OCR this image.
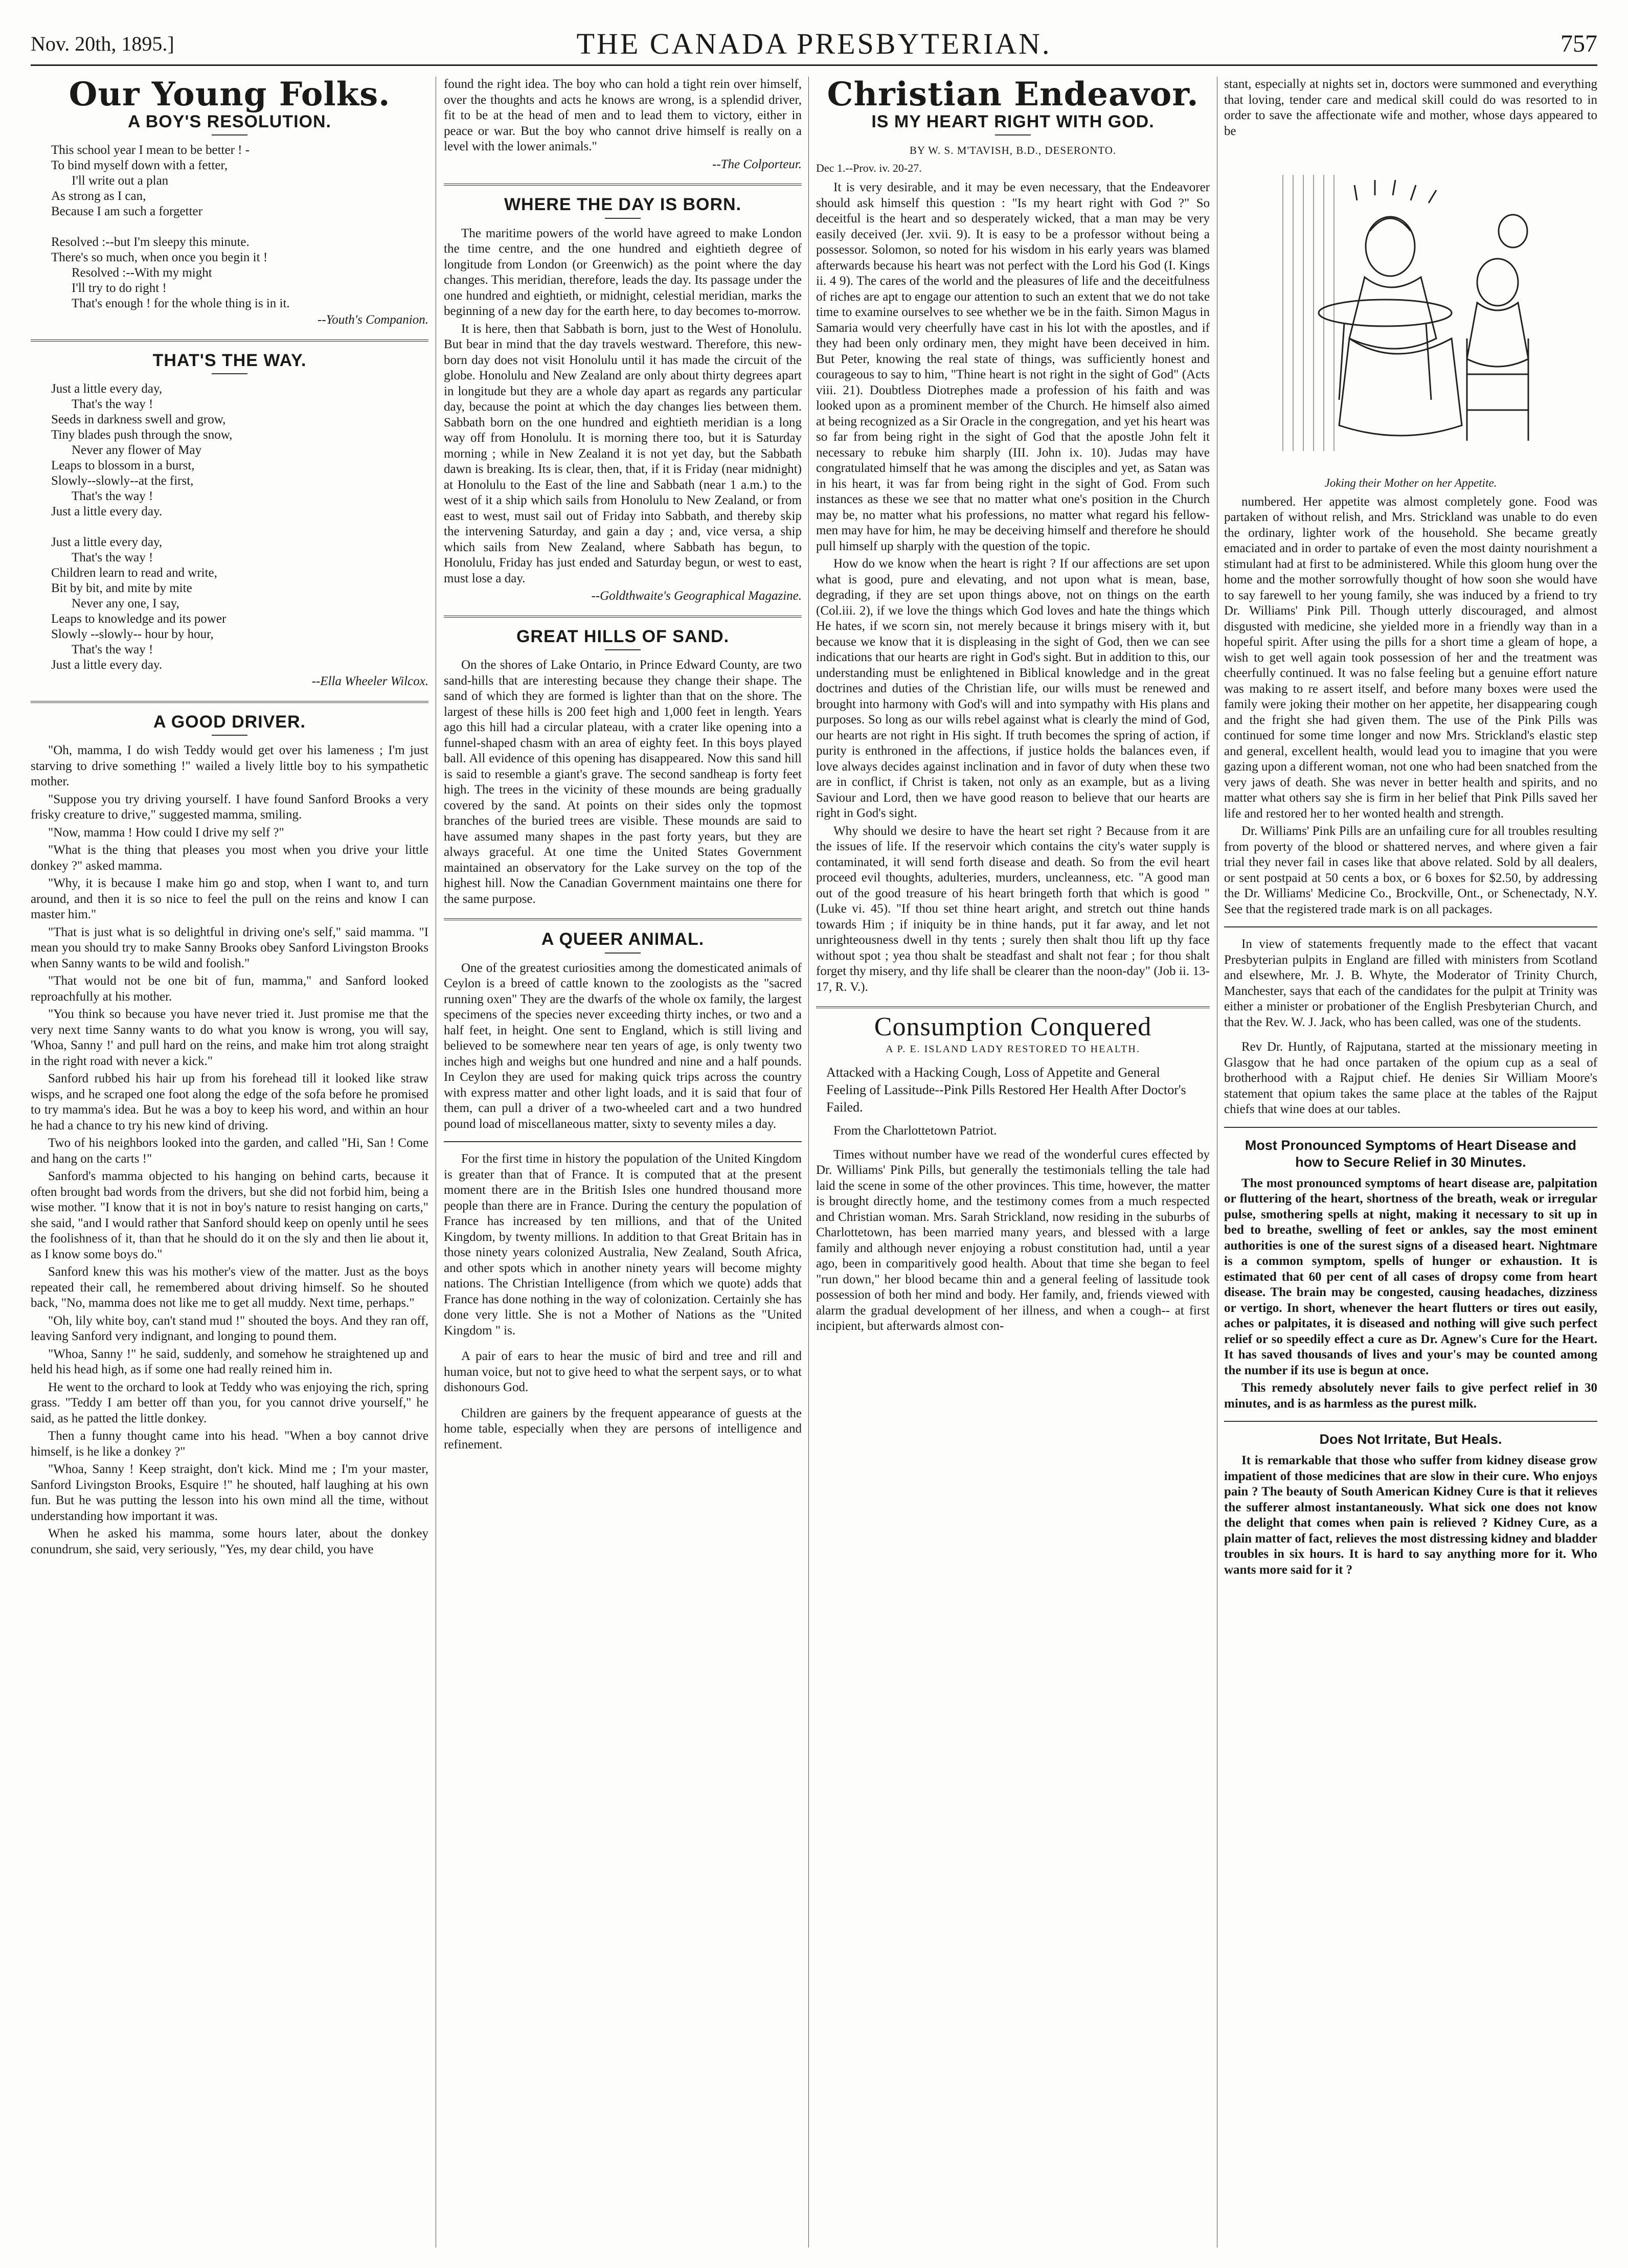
Nov. 20th, 1895.]	THE CANADA PRESBYTERIAN.	757
Our Young Folks.
A BOY'S RESOLUTION.
This school year I mean to be better ! -
To bind myself down with a fetter,
I'll write out a plan
As strong as I can,
Because I am such a forgetter

Resolved :--but I'm sleepy this minute.
There's so much, when once you begin it !
Resolved :--With my might
I'll try to do right !
That's enough ! for the whole thing is in it.
--Youth's Companion.
THAT'S THE WAY.
Just a little every day,
That's the way !
Seeds in darkness swell and grow,
Tiny blades push through the snow,
Never any flower of May
Leaps to blossom in a burst,
Slowly--slowly--at the first,
That's the way !
Just a little every day.

Just a little every day,
That's the way !
Children learn to read and write,
Bit by bit, and mite by mite
Never any one, I say,
Leaps to knowledge and its power
Slowly --slowly-- hour by hour,
That's the way !
Just a little every day.
--Ella Wheeler Wilcox.
A GOOD DRIVER.

"Oh, mamma, I do wish Teddy would get over his lameness ; I'm just starving to drive something !" wailed a lively little boy to his sympathetic mother.

"Suppose you try driving yourself. I have found Sanford Brooks a very frisky creature to drive," suggested mamma, smiling.

"Now, mamma ! How could I drive my self ?"

"What is the thing that pleases you most when you drive your little donkey ?" asked mamma.

"Why, it is because I make him go and stop, when I want to, and turn around, and then it is so nice to feel the pull on the reins and know I can master him."

"That is just what is so delightful in driving one's self," said mamma. "I mean you should try to make Sanny Brooks obey Sanford Livingston Brooks when Sanny wants to be wild and foolish."

"That would not be one bit of fun, mamma," and Sanford looked reproachfully at his mother.

"You think so because you have never tried it. Just promise me that the very next time Sanny wants to do what you know is wrong, you will say, 'Whoa, Sanny !' and pull hard on the reins, and make him trot along straight in the right road with never a kick."

Sanford rubbed his hair up from his forehead till it looked like straw wisps, and he scraped one foot along the edge of the sofa before he promised to try mamma's idea. But he was a boy to keep his word, and within an hour he had a chance to try his new kind of driving.

Two of his neighbors looked into the garden, and called "Hi, San ! Come and hang on the carts !"

Sanford's mamma objected to his hanging on behind carts, because it often brought bad words from the drivers, but she did not forbid him, being a wise mother. "I know that it is not in boy's nature to resist hanging on carts," she said, "and I would rather that Sanford should keep on openly until he sees the foolishness of it, than that he should do it on the sly and then lie about it, as I know some boys do."

Sanford knew this was his mother's view of the matter. Just as the boys repeated their call, he remembered about driving himself. So he shouted back, "No, mamma does not like me to get all muddy. Next time, perhaps."

"Oh, lily white boy, can't stand mud !" shouted the boys. And they ran off, leaving Sanford very indignant, and longing to pound them.

"Whoa, Sanny !" he said, suddenly, and somehow he straightened up and held his head high, as if some one had really reined him in.

He went to the orchard to look at Teddy who was enjoying the rich, spring grass. "Teddy I am better off than you, for you cannot drive yourself," he said, as he patted the little donkey.

Then a funny thought came into his head. "When a boy cannot drive himself, is he like a donkey ?"

"Whoa, Sanny ! Keep straight, don't kick. Mind me ; I'm your master, Sanford Livingston Brooks, Esquire !" he shouted, half laughing at his own fun. But he was putting the lesson into his own mind all the time, without understanding how important it was.

When he asked his mamma, some hours later, about the donkey conundrum, she said, very seriously, "Yes, my dear child, you have

found the right idea. The boy who can hold a tight rein over himself, over the thoughts and acts he knows are wrong, is a splendid driver, fit to be at the head of men and to lead them to victory, either in peace or war. But the boy who cannot drive himself is really on a level with the lower animals."

--The Colporteur.
WHERE THE DAY IS BORN.

The maritime powers of the world have agreed to make London the time centre, and the one hundred and eightieth degree of longitude from London (or Greenwich) as the point where the day changes. This meridian, therefore, leads the day. Its passage under the one hundred and eightieth, or midnight, celestial meridian, marks the beginning of a new day for the earth here, to day becomes to-morrow.

It is here, then that Sabbath is born, just to the West of Honolulu. But bear in mind that the day travels westward. Therefore, this new-born day does not visit Honolulu until it has made the circuit of the globe. Honolulu and New Zealand are only about thirty degrees apart in longitude but they are a whole day apart as regards any particular day, because the point at which the day changes lies between them. Sabbath born on the one hundred and eightieth meridian is a long way off from Honolulu. It is morning there too, but it is Saturday morning ; while in New Zealand it is not yet day, but the Sabbath dawn is breaking. Its is clear, then, that, if it is Friday (near midnight) at Honolulu to the East of the line and Sabbath (near 1 a.m.) to the west of it a ship which sails from Honolulu to New Zealand, or from east to west, must sail out of Friday into Sabbath, and thereby skip the intervening Saturday, and gain a day ; and, vice versa, a ship which sails from New Zealand, where Sabbath has begun, to Honolulu, Friday has just ended and Saturday begun, or west to east, must lose a day.

--Goldthwaite's Geographical Magazine.
GREAT HILLS OF SAND.

On the shores of Lake Ontario, in Prince Edward County, are two sand-hills that are interesting because they change their shape. The sand of which they are formed is lighter than that on the shore. The largest of these hills is 200 feet high and 1,000 feet in length. Years ago this hill had a circular plateau, with a crater like opening into a funnel-shaped chasm with an area of eighty feet. In this boys played ball. All evidence of this opening has disappeared. Now this sand hill is said to resemble a giant's grave. The second sandheap is forty feet high. The trees in the vicinity of these mounds are being gradually covered by the sand. At points on their sides only the topmost branches of the buried trees are visible. These mounds are said to have assumed many shapes in the past forty years, but they are always graceful. At one time the United States Government maintained an observatory for the Lake survey on the top of the highest hill. Now the Canadian Government maintains one there for the same purpose.

A QUEER ANIMAL.

One of the greatest curiosities among the domesticated animals of Ceylon is a breed of cattle known to the zoologists as the "sacred running oxen" They are the dwarfs of the whole ox family, the largest specimens of the species never exceeding thirty inches, or two and a half feet, in height. One sent to England, which is still living and believed to be somewhere near ten years of age, is only twenty two inches high and weighs but one hundred and nine and a half pounds. In Ceylon they are used for making quick trips across the country with express matter and other light loads, and it is said that four of them, can pull a driver of a two-wheeled cart and a two hundred pound load of miscellaneous matter, sixty to seventy miles a day.

For the first time in history the population of the United Kingdom is greater than that of France. It is computed that at the present moment there are in the British Isles one hundred thousand more people than there are in France. During the century the population of France has increased by ten millions, and that of the United Kingdom, by twenty millions. In addition to that Great Britain has in those ninety years colonized Australia, New Zealand, South Africa, and other spots which in another ninety years will become mighty nations. The Christian Intelligence (from which we quote) adds that France has done nothing in the way of colonization. Certainly she has done very little. She is not a Mother of Nations as the "United Kingdom " is.

A pair of ears to hear the music of bird and tree and rill and human voice, but not to give heed to what the serpent says, or to what dishonours God.

Children are gainers by the frequent appearance of guests at the home table, especially when they are persons of intelligence and refinement.

Christian Endeavor.
IS MY HEART RIGHT WITH GOD.
BY W. S. M'TAVISH, B.D., DESERONTO.
Dec 1.--Prov. iv. 20-27.

It is very desirable, and it may be even necessary, that the Endeavorer should ask himself this question : "Is my heart right with God ?" So deceitful is the heart and so desperately wicked, that a man may be very easily deceived (Jer. xvii. 9). It is easy to be a professor without being a possessor. Solomon, so noted for his wisdom in his early years was blamed afterwards because his heart was not perfect with the Lord his God (I. Kings ii. 4 9). The cares of the world and the pleasures of life and the deceitfulness of riches are apt to engage our attention to such an extent that we do not take time to examine ourselves to see whether we be in the faith. Simon Magus in Samaria would very cheerfully have cast in his lot with the apostles, and if they had been only ordinary men, they might have been deceived in him. But Peter, knowing the real state of things, was sufficiently honest and courageous to say to him, "Thine heart is not right in the sight of God" (Acts viii. 21). Doubtless Diotrephes made a profession of his faith and was looked upon as a prominent member of the Church. He himself also aimed at being recognized as a Sir Oracle in the congregation, and yet his heart was so far from being right in the sight of God that the apostle John felt it necessary to rebuke him sharply (III. John ix. 10). Judas may have congratulated himself that he was among the disciples and yet, as Satan was in his heart, it was far from being right in the sight of God. From such instances as these we see that no matter what one's position in the Church may be, no matter what his professions, no matter what regard his fellow-men may have for him, he may be deceiving himself and therefore he should pull himself up sharply with the question of the topic.

How do we know when the heart is right ? If our affections are set upon what is good, pure and elevating, and not upon what is mean, base, degrading, if they are set upon things above, not on things on the earth (Col.iii. 2), if we love the things which God loves and hate the things which He hates, if we scorn sin, not merely because it brings misery with it, but because we know that it is displeasing in the sight of God, then we can see indications that our hearts are right in God's sight. But in addition to this, our understanding must be enlightened in Biblical knowledge and in the great doctrines and duties of the Christian life, our wills must be renewed and brought into harmony with God's will and into sympathy with His plans and purposes. So long as our wills rebel against what is clearly the mind of God, our hearts are not right in His sight. If truth becomes the spring of action, if purity is enthroned in the affections, if justice holds the balances even, if love always decides against inclination and in favor of duty when these two are in conflict, if Christ is taken, not only as an example, but as a living Saviour and Lord, then we have good reason to believe that our hearts are right in God's sight.

Why should we desire to have the heart set right ? Because from it are the issues of life. If the reservoir which contains the city's water supply is contaminated, it will send forth disease and death. So from the evil heart proceed evil thoughts, adulteries, murders, uncleanness, etc. "A good man out of the good treasure of his heart bringeth forth that which is good " (Luke vi. 45). "If thou set thine heart aright, and stretch out thine hands towards Him ; if iniquity be in thine hands, put it far away, and let not unrighteousness dwell in thy tents ; surely then shalt thou lift up thy face without spot ; yea thou shalt be steadfast and shalt not fear ; for thou shalt forget thy misery, and thy life shall be clearer than the noon-day" (Job ii. 13-17, R. V.).

Consumption Conquered
A P. E. ISLAND LADY RESTORED TO HEALTH.

Attacked with a Hacking Cough, Loss of Appetite and General Feeling of Lassitude--Pink Pills Restored Her Health After Doctor's Failed.

From the Charlottetown Patriot.

Times without number have we read of the wonderful cures effected by Dr. Williams' Pink Pills, but generally the testimonials telling the tale had laid the scene in some of the other provinces. This time, however, the matter is brought directly home, and the testimony comes from a much respected and Christian woman. Mrs. Sarah Strickland, now residing in the suburbs of Charlottetown, has been married many years, and blessed with a large family and although never enjoying a robust constitution had, until a year ago, been in comparitively good health. About that time she began to feel "run down," her blood became thin and a general feeling of lassitude took possession of both her mind and body. Her family, and, friends viewed with alarm the gradual development of her illness, and when a cough-- at first incipient, but afterwards almost con-

stant, especially at nights set in, doctors were summoned and everything that loving, tender care and medical skill could do was resorted to in order to save the affectionate wife and mother, whose days appeared to be

Joking their Mother on her Appetite.

numbered. Her appetite was almost completely gone. Food was partaken of without relish, and Mrs. Strickland was unable to do even the ordinary, lighter work of the household. She became greatly emaciated and in order to partake of even the most dainty nourishment a stimulant had at first to be administered. While this gloom hung over the home and the mother sorrowfully thought of how soon she would have to say farewell to her young family, she was induced by a friend to try Dr. Williams' Pink Pill. Though utterly discouraged, and almost disgusted with medicine, she yielded more in a friendly way than in a hopeful spirit. After using the pills for a short time a gleam of hope, a wish to get well again took possession of her and the treatment was cheerfully continued. It was no false feeling but a genuine effort nature was making to re assert itself, and before many boxes were used the family were joking their mother on her appetite, her disappearing cough and the fright she had given them. The use of the Pink Pills was continued for some time longer and now Mrs. Strickland's elastic step and general, excellent health, would lead you to imagine that you were gazing upon a different woman, not one who had been snatched from the very jaws of death. She was never in better health and spirits, and no matter what others say she is firm in her belief that Pink Pills saved her life and restored her to her wonted health and strength.

Dr. Williams' Pink Pills are an unfailing cure for all troubles resulting from poverty of the blood or shattered nerves, and where given a fair trial they never fail in cases like that above related. Sold by all dealers, or sent postpaid at 50 cents a box, or 6 boxes for $2.50, by addressing the Dr. Williams' Medicine Co., Brockville, Ont., or Schenectady, N.Y. See that the registered trade mark is on all packages.

In view of statements frequently made to the effect that vacant Presbyterian pulpits in England are filled with ministers from Scotland and elsewhere, Mr. J. B. Whyte, the Moderator of Trinity Church, Manchester, says that each of the candidates for the pulpit at Trinity was either a minister or probationer of the English Presbyterian Church, and that the Rev. W. J. Jack, who has been called, was one of the students.

Rev Dr. Huntly, of Rajputana, started at the missionary meeting in Glasgow that he had once partaken of the opium cup as a seal of brotherhood with a Rajput chief. He denies Sir William Moore's statement that opium takes the same place at the tables of the Rajput chiefs that wine does at our tables.

Most Pronounced Symptoms of Heart Disease and how to Secure Relief in 30 Minutes.

The most pronounced symptoms of heart disease are, palpitation or fluttering of the heart, shortness of the breath, weak or irregular pulse, smothering spells at night, making it necessary to sit up in bed to breathe, swelling of feet or ankles, say the most eminent authorities is one of the surest signs of a diseased heart. Nightmare is a common symptom, spells of hunger or exhaustion. It is estimated that 60 per cent of all cases of dropsy come from heart disease. The brain may be congested, causing headaches, dizziness or vertigo. In short, whenever the heart flutters or tires out easily, aches or palpitates, it is diseased and nothing will give such perfect relief or so speedily effect a cure as Dr. Agnew's Cure for the Heart. It has saved thousands of lives and your's may be counted among the number if its use is begun at once.

This remedy absolutely never fails to give perfect relief in 30 minutes, and is as harmless as the purest milk.

Does Not Irritate, But Heals.

It is remarkable that those who suffer from kidney disease grow impatient of those medicines that are slow in their cure. Who enjoys pain ? The beauty of South American Kidney Cure is that it relieves the sufferer almost instantaneously. What sick one does not know the delight that comes when pain is relieved ? Kidney Cure, as a plain matter of fact, relieves the most distressing kidney and bladder troubles in six hours. It is hard to say anything more for it. Who wants more said for it ?
